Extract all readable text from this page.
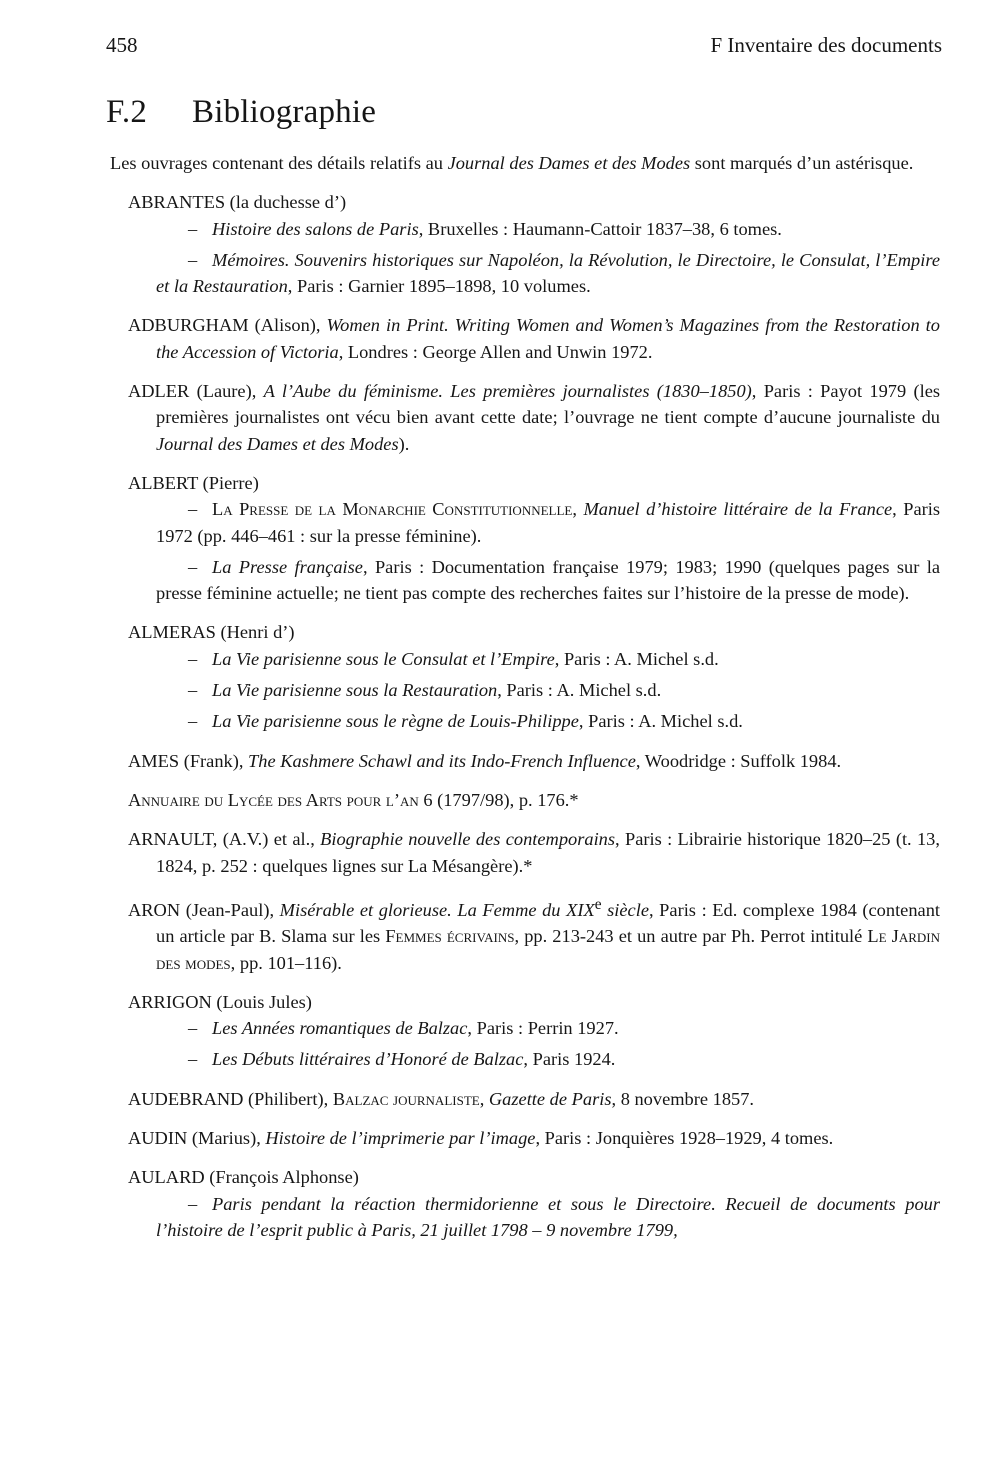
458	F Inventaire des documents
F.2 Bibliographie

Les ouvrages contenant des détails relatifs au Journal des Dames et des Modes sont marqués d’un astérisque.

ABRANTES (la duchesse d’)

– Histoire des salons de Paris, Bruxelles : Haumann-Cattoir 1837–38, 6 tomes.

– Mémoires. Souvenirs historiques sur Napoléon, la Révolution, le Directoire, le Consulat, l’Empire et la Restauration, Paris : Garnier 1895–1898, 10 volumes.

ADBURGHAM (Alison), Women in Print. Writing Women and Women’s Magazines from the Restoration to the Accession of Victoria, Londres : George Allen and Unwin 1972.

ADLER (Laure), A l’Aube du féminisme. Les premières journalistes (1830–1850), Paris : Payot 1979 (les premières journalistes ont vécu bien avant cette date; l’ouvrage ne tient compte d’aucune journaliste du Journal des Dames et des Modes).

ALBERT (Pierre)

– La Presse de la Monarchie Constitutionnelle, Manuel d’histoire littéraire de la France, Paris 1972 (pp. 446–461 : sur la presse féminine).

– La Presse française, Paris : Documentation française 1979; 1983; 1990 (quelques pages sur la presse féminine actuelle; ne tient pas compte des recherches faites sur l’histoire de la presse de mode).

ALMERAS (Henri d’)

– La Vie parisienne sous le Consulat et l’Empire, Paris : A. Michel s.d.

– La Vie parisienne sous la Restauration, Paris : A. Michel s.d.

– La Vie parisienne sous le règne de Louis-Philippe, Paris : A. Michel s.d.

AMES (Frank), The Kashmere Schawl and its Indo-French Influence, Woodridge : Suffolk 1984.

Annuaire du Lycée des Arts pour l’an 6 (1797/98), p. 176.*

ARNAULT, (A.V.) et al., Biographie nouvelle des contemporains, Paris : Librairie historique 1820–25 (t. 13, 1824, p. 252 : quelques lignes sur La Mésangère).*

ARON (Jean-Paul), Misérable et glorieuse. La Femme du XIXe siècle, Paris : Ed. complexe 1984 (contenant un article par B. Slama sur les Femmes écrivains, pp. 213-243 et un autre par Ph. Perrot intitulé Le Jardin des modes, pp. 101–116).

ARRIGON (Louis Jules)

– Les Années romantiques de Balzac, Paris : Perrin 1927.

– Les Débuts littéraires d’Honoré de Balzac, Paris 1924.

AUDEBRAND (Philibert), Balzac journaliste, Gazette de Paris, 8 novembre 1857.

AUDIN (Marius), Histoire de l’imprimerie par l’image, Paris : Jonquières 1928–1929, 4 tomes.

AULARD (François Alphonse)

– Paris pendant la réaction thermidorienne et sous le Directoire. Recueil de documents pour l’histoire de l’esprit public à Paris, 21 juillet 1798 – 9 novembre 1799,
